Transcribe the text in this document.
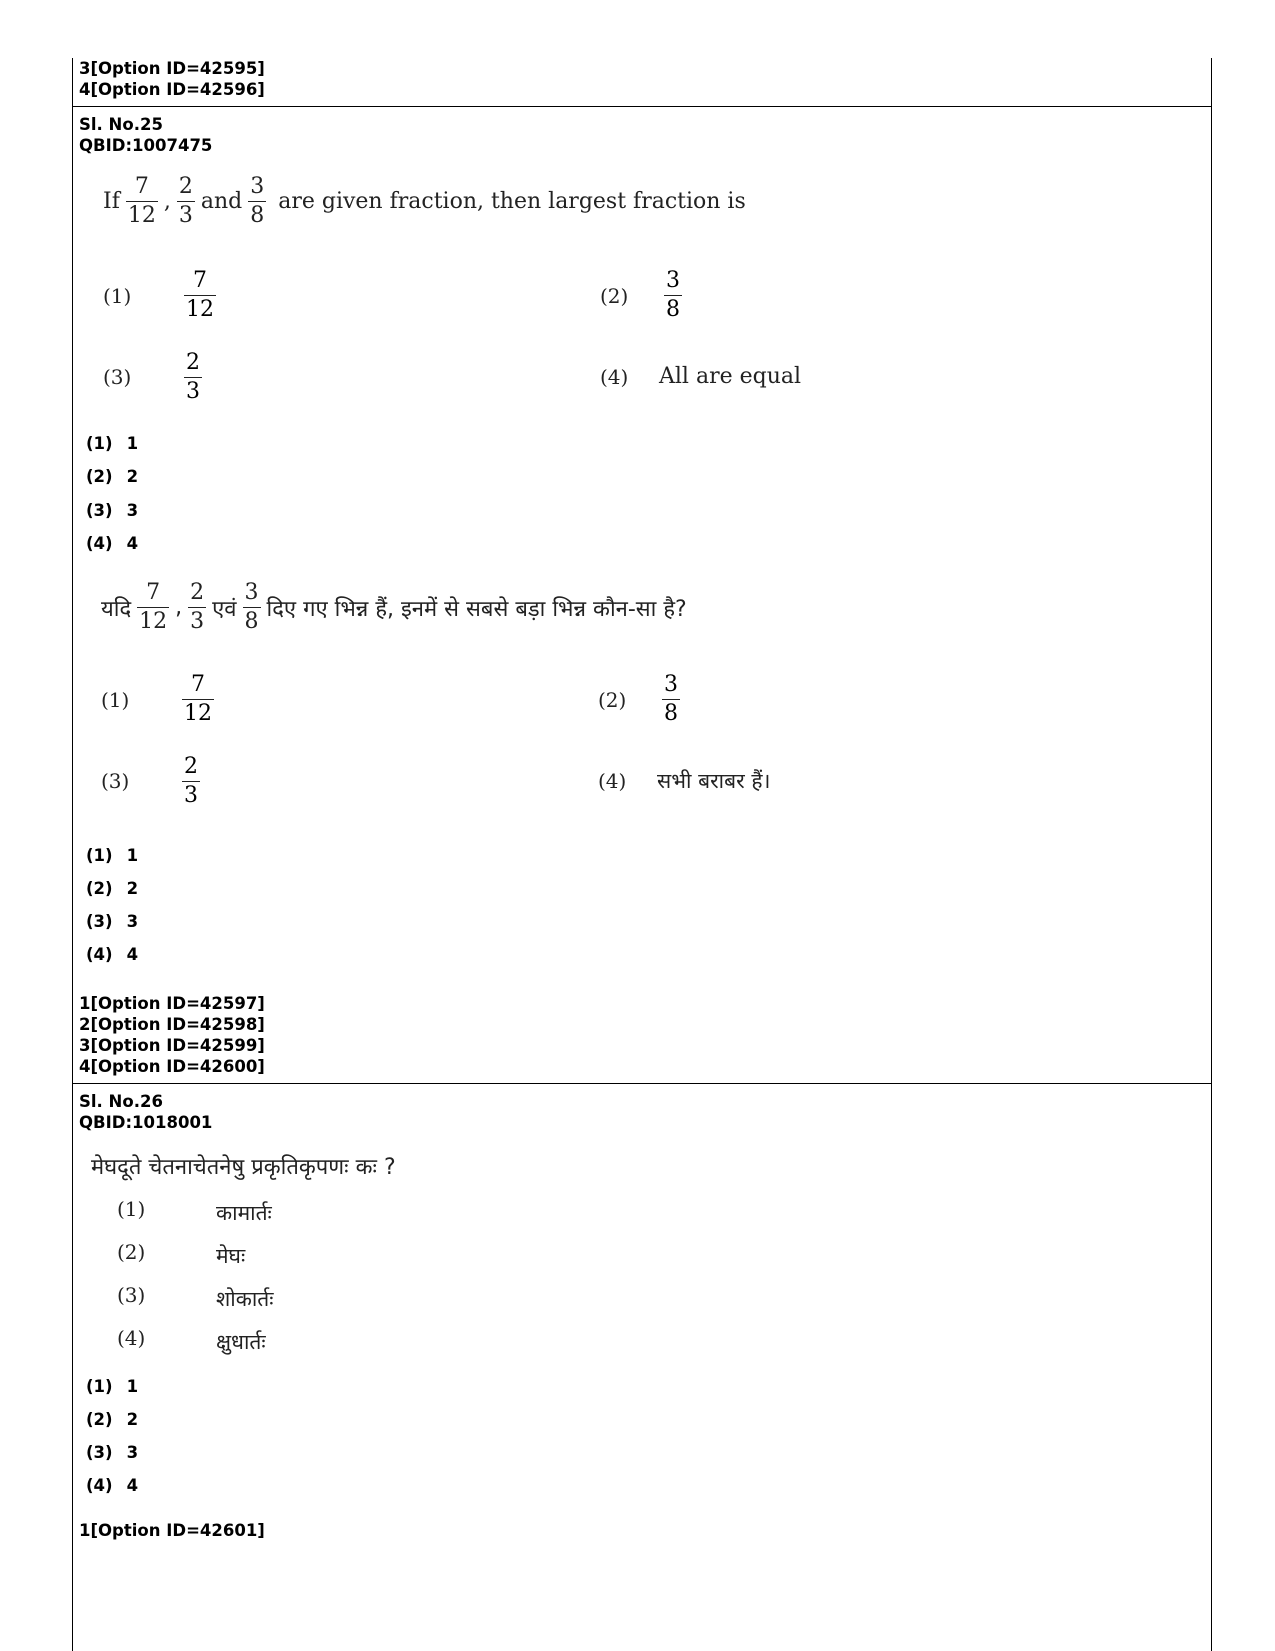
3[Option ID=42595]
4[Option ID=42596]
Sl. No.25
QBID:1007475
If $\frac{7}{12}$ , $\frac{2}{3}$ and $\frac{3}{8}$ are given fraction, then largest fraction is
$(1) \frac{7}{12}$	$(2) \frac{3}{8}$
$(3) \frac{2}{3}$	(4) All are equal
(1) 1
(2) 2
(3) 3
(4) 4
यदि $\frac{7}{12}$ , $\frac{2}{3}$ एवं $\frac{3}{8}$ दिए गए भिन्न हैं, इनमें से सबसे बड़ा भिन्न कौन-सा है?
$(1) \frac{7}{12}$	$(2) \frac{3}{8}$
$(3) \frac{2}{3}$	(4) सभी बराबर हैं।
(1) 1
(2) 2
(3) 3
(4) 4
1[Option ID=42597]
2[Option ID=42598]
3[Option ID=42599]
4[Option ID=42600]
Sl. No.26
QBID:1018001
मेघदूते चेतनाचेतनेषु प्रकृतिकृपणः कः ?
(1)	कामार्तः
(2)	मेघः
(3)	शोकार्तः
(4)	क्षुधार्तः
(1) 1
(2) 2
(3) 3
(4) 4
1[Option ID=42601]
